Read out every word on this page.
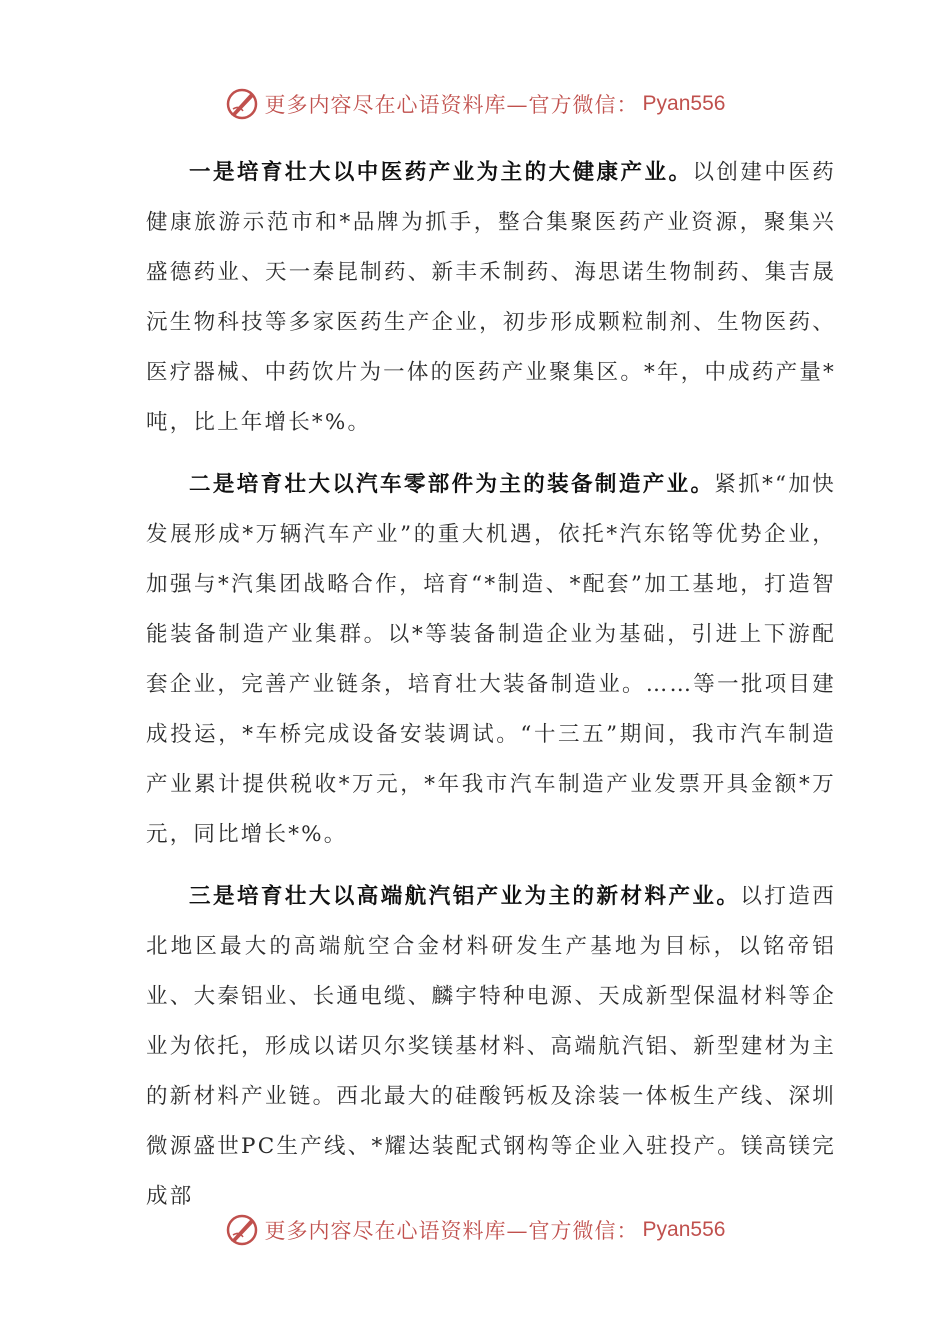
更多内容尽在心语资料库—官方微信： Pyan556

一是培育壮大以中医药产业为主的大健康产业。以创建中医药健康旅游示范市和*品牌为抓手，整合集聚医药产业资源，聚集兴盛德药业、天一秦昆制药、新丰禾制药、海思诺生物制药、集吉晟沅生物科技等多家医药生产企业，初步形成颗粒制剂、生物医药、医疗器械、中药饮片为一体的医药产业聚集区。*年，中成药产量*吨，比上年增长*%。

二是培育壮大以汽车零部件为主的装备制造产业。紧抓*“加快发展形成*万辆汽车产业”的重大机遇，依托*汽东铭等优势企业，加强与*汽集团战略合作，培育“*制造、*配套”加工基地，打造智能装备制造产业集群。以*等装备制造企业为基础，引进上下游配套企业，完善产业链条，培育壮大装备制造业。……等一批项目建成投运，*车桥完成设备安装调试。“十三五”期间，我市汽车制造产业累计提供税收*万元，*年我市汽车制造产业发票开具金额*万元，同比增长*%。

三是培育壮大以高端航汽铝产业为主的新材料产业。以打造西北地区最大的高端航空合金材料研发生产基地为目标，以铭帝铝业、大秦铝业、长通电缆、麟宇特种电源、天成新型保温材料等企业为依托，形成以诺贝尔奖镁基材料、高端航汽铝、新型建材为主的新材料产业链。西北最大的硅酸钙板及涂装一体板生产线、深圳微源盛世PC生产线、*耀达装配式钢构等企业入驻投产。镁高镁完成部

更多内容尽在心语资料库—官方微信： Pyan556
